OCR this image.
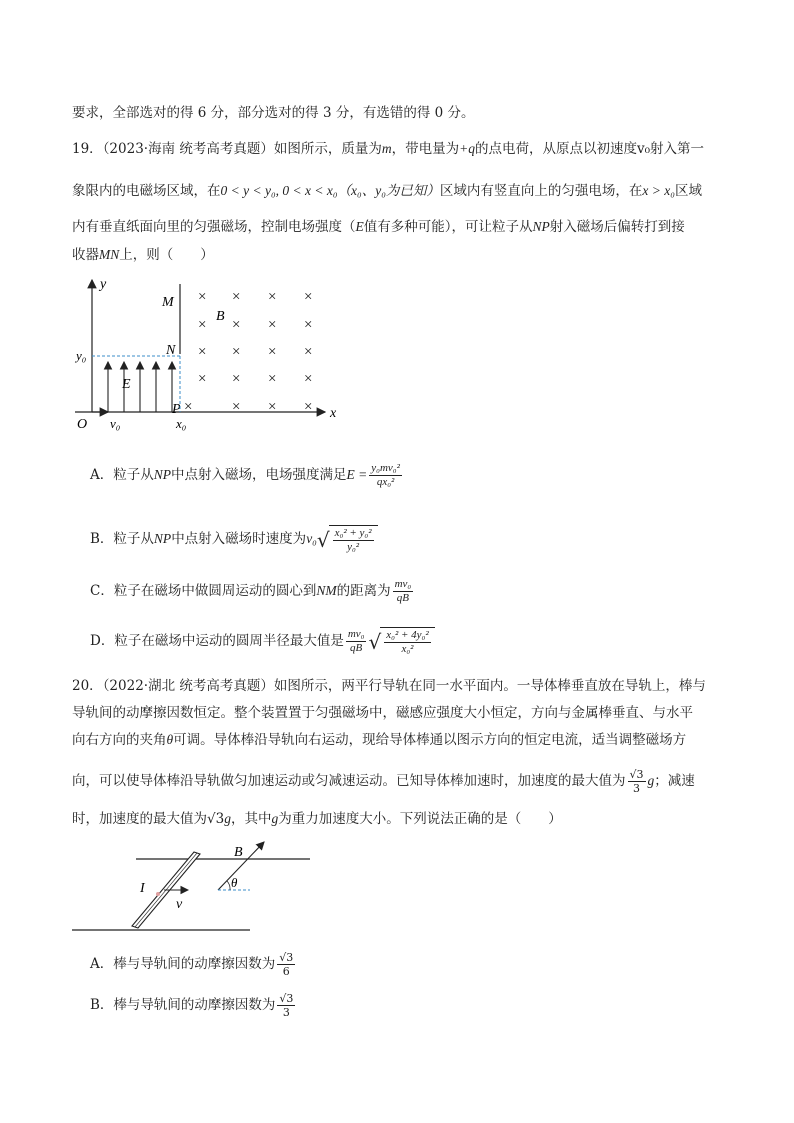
要求，全部选对的得 6 分，部分选对的得 3 分，有选错的得 0 分。
19．（2023·海南 统考高考真题）如图所示，质量为m，带电量为+q的点电荷，从原点以初速度v₀射入第一
象限内的电磁场区域，在0 < y < y₀, 0 < x < x₀（x₀、y₀为已知）区域内有竖直向上的匀强电场，在x > x₀区域
内有垂直纸面向里的匀强磁场，控制电场强度（E值有多种可能），可让粒子从NP射入磁场后偏转打到接
收器MN上，则（　　）
y
x
O
M
N
P
y₀
x₀
v₀
E
× × × ×
× × × ×
× × × ×
× × × ×
×	× × ×
B
A．粒子从NP中点射入磁场，电场强度满足$E = \frac{\text{y₀mv₀²}}{\text{qx₀²}}$
B．粒子从NP中点射入磁场时速度为v₀ √ $\frac{\text{x₀² + y₀²}}{\text{y₀²}}$
C．粒子在磁场中做圆周运动的圆心到NM的距离为 $\frac{\text{mv₀}}{qB}$
D．粒子在磁场中运动的圆周半径最大值是 $\frac{\text{mv₀}}{qB}$ √ $\frac{\text{x₀² + 4y₀²}}{\text{x₀²}}$
20．（2022·湖北 统考高考真题）如图所示，两平行导轨在同一水平面内。一导体棒垂直放在导轨上，棒与
导轨间的动摩擦因数恒定。整个装置置于匀强磁场中，磁感应强度大小恒定，方向与金属棒垂直、与水平
向右方向的夹角θ可调。导体棒沿导轨向右运动，现给导体棒通以图示方向的恒定电流，适当调整磁场方
向，可以使导体棒沿导轨做匀加速运动或匀减速运动。已知导体棒加速时，加速度的最大值为 $\frac{√3}{3}$ g；减速
时，加速度的最大值为√3g，其中g为重力加速度大小。下列说法正确的是（　　）
I
v
B
θ
A．棒与导轨间的动摩擦因数为 $\frac{√3}{6}$
B．棒与导轨间的动摩擦因数为 $\frac{√3}{3}$
